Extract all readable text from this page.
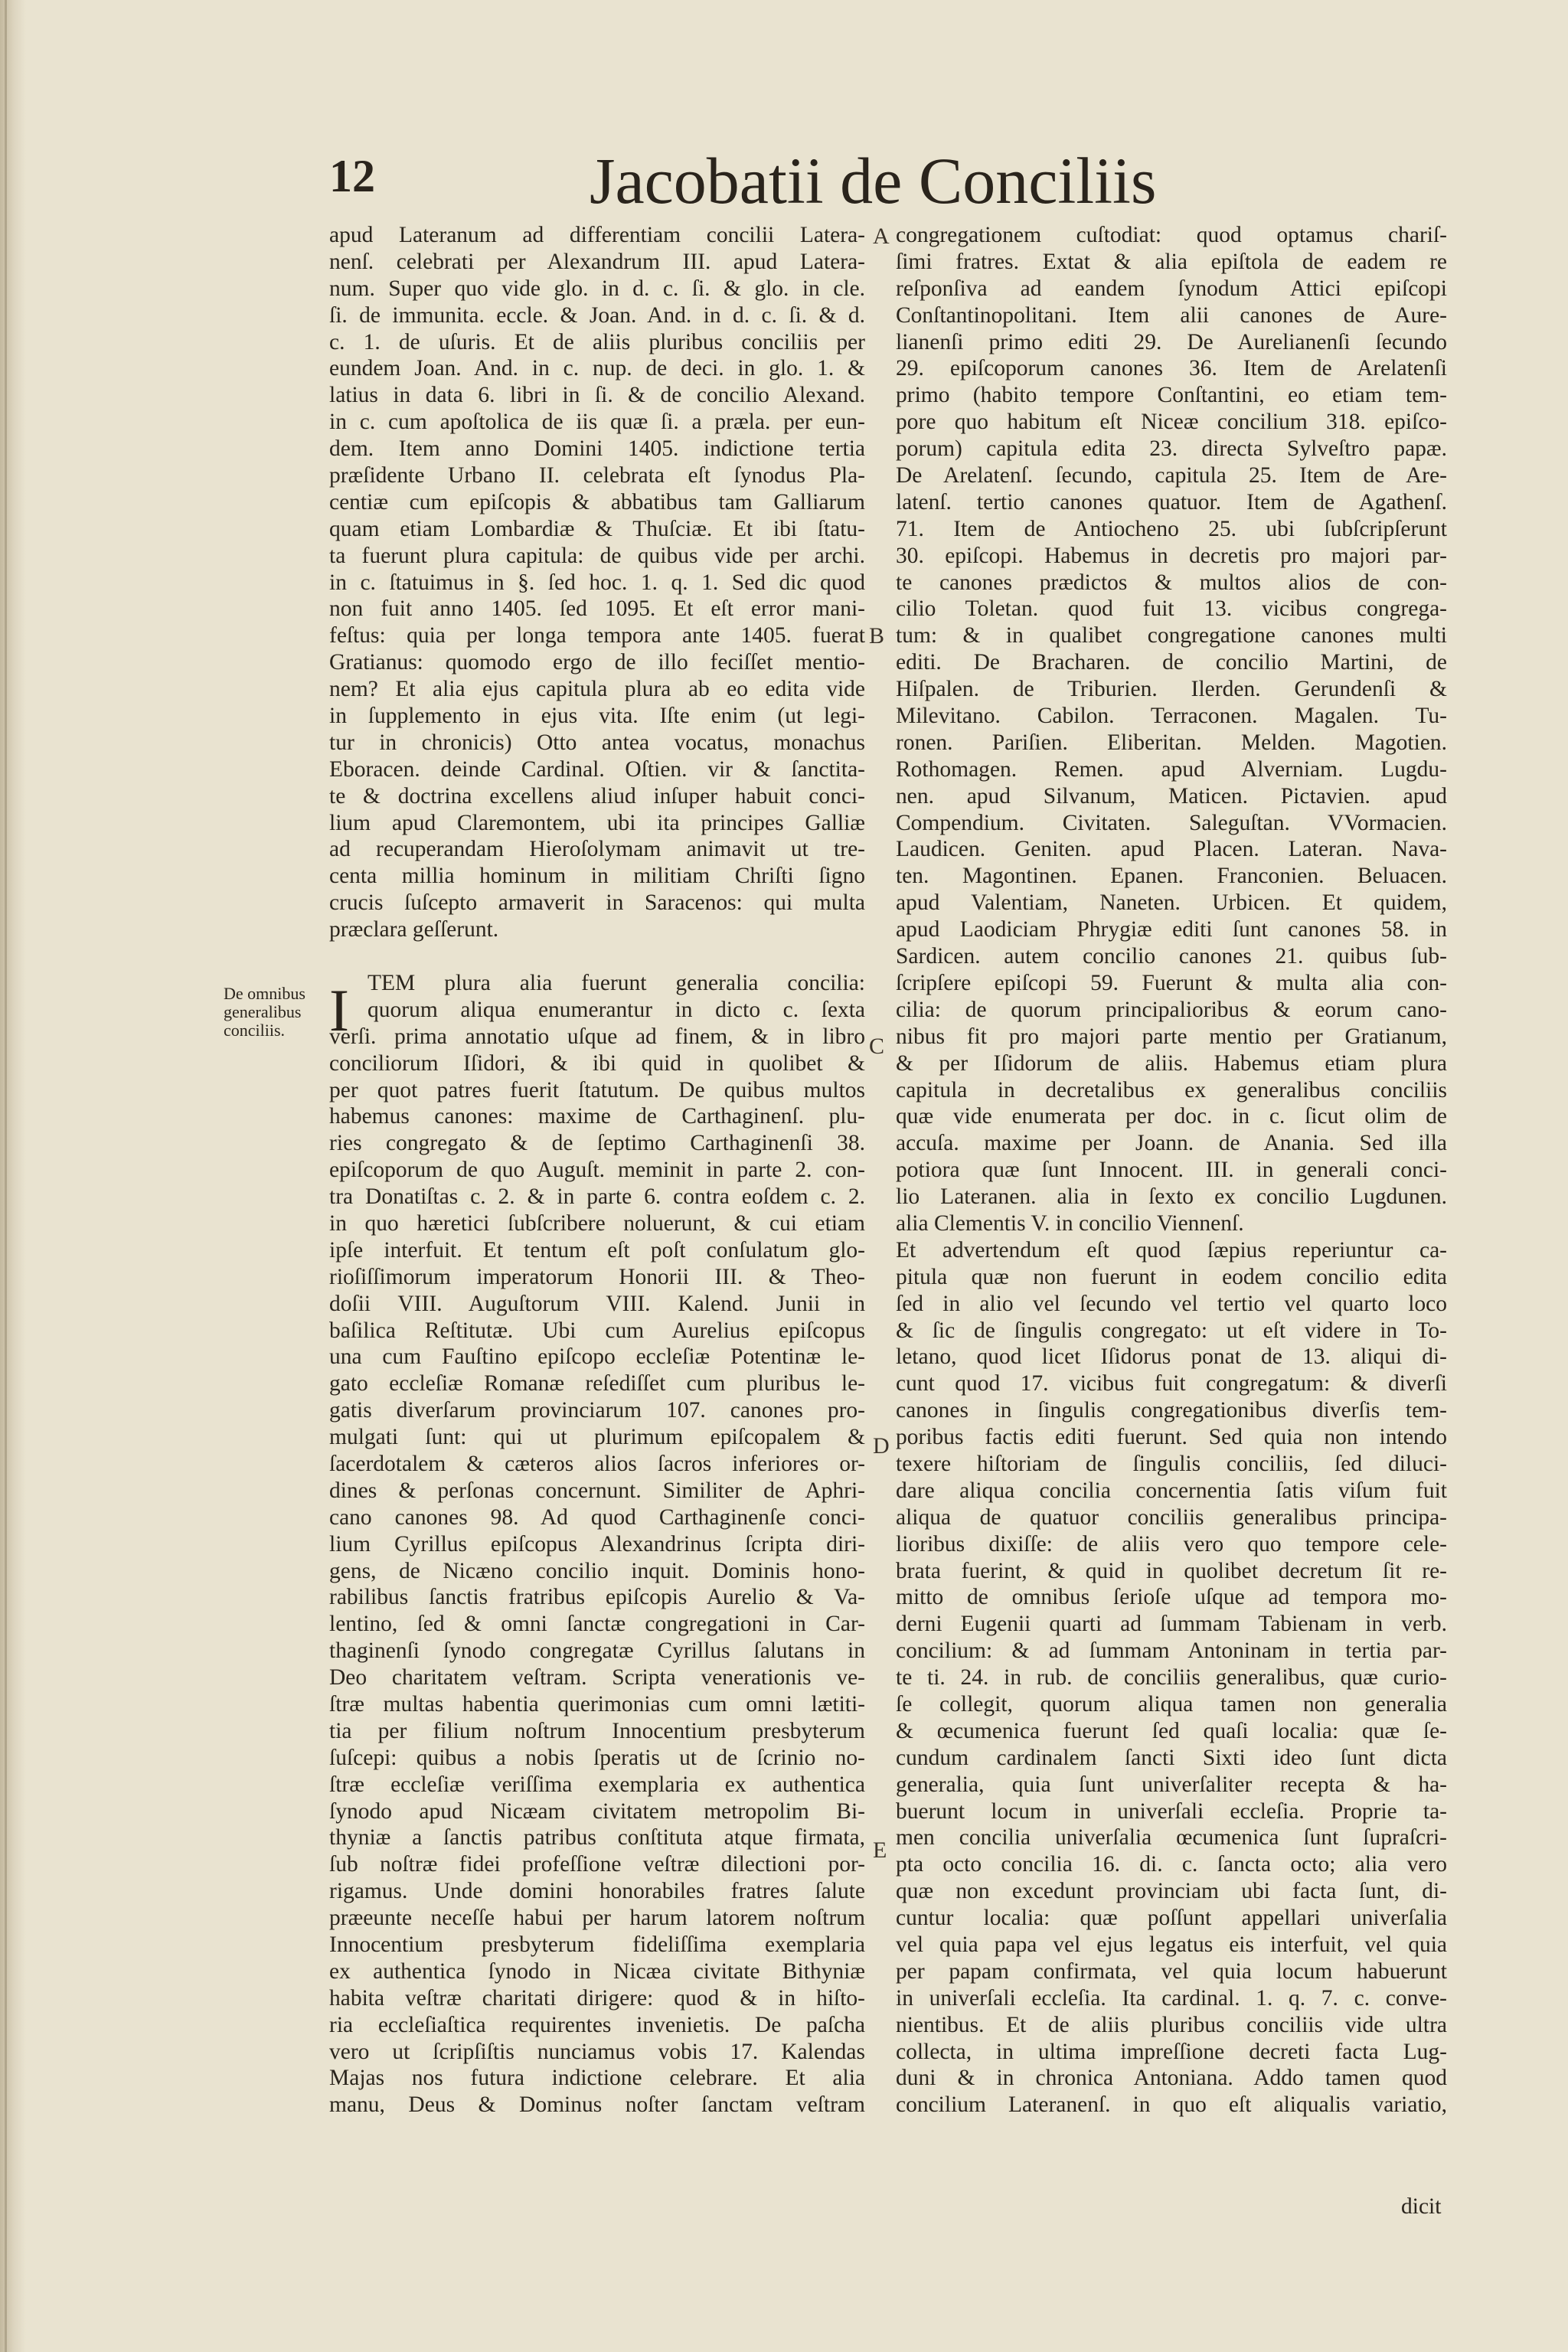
12	Jacobatii de Conciliis
De omnibus
generalibus
conciliis.
A
B
C
D
E
apud Lateranum ad differentiam concilii Latera-
nenſ. celebrati per Alexandrum III. apud Latera-
num. Super quo vide glo. in d. c. ſi. & glo. in cle.
ſi. de immunita. eccle. & Joan. And. in d. c. ſi. & d.
c. 1. de uſuris. Et de aliis pluribus conciliis per
eundem Joan. And. in c. nup. de deci. in glo. 1. &
latius in data 6. libri in ſi. & de concilio Alexand.
in c. cum apoſtolica de iis quæ ſi. a præla. per eun-
dem. Item anno Domini 1405. indictione tertia
præſidente Urbano II. celebrata eſt ſynodus Pla-
centiæ cum epiſcopis & abbatibus tam Galliarum
quam etiam Lombardiæ & Thuſciæ. Et ibi ſtatu-
ta fuerunt plura capitula: de quibus vide per archi.
in c. ſtatuimus in §. ſed hoc. 1. q. 1. Sed dic quod
non fuit anno 1405. ſed 1095. Et eſt error mani-
feſtus: quia per longa tempora ante 1405. fuerat
Gratianus: quomodo ergo de illo feciſſet mentio-
nem? Et alia ejus capitula plura ab eo edita vide
in ſupplemento in ejus vita. Iſte enim (ut legi-
tur in chronicis) Otto antea vocatus, monachus
Eboracen. deinde Cardinal. Oſtien. vir & ſanctita-
te & doctrina excellens aliud inſuper habuit conci-
lium apud Claremontem, ubi ita principes Galliæ
ad recuperandam Hieroſolymam animavit ut tre-
centa millia hominum in militiam Chriſti ſigno
crucis ſuſcepto armaverit in Saracenos: qui multa
præclara geſſerunt.
TEM plura alia fuerunt generalia concilia:
quorum aliqua enumerantur in dicto c. ſexta
verſi. prima annotatio uſque ad finem, & in libro
conciliorum Iſidori, & ibi quid in quolibet &
per quot patres fuerit ſtatutum. De quibus multos
habemus canones: maxime de Carthaginenſ. plu-
ries congregato & de ſeptimo Carthaginenſi 38.
epiſcoporum de quo Auguſt. meminit in parte 2. con-
tra Donatiſtas c. 2. & in parte 6. contra eoſdem c. 2.
in quo hæretici ſubſcribere noluerunt, & cui etiam
ipſe interfuit. Et tentum eſt poſt conſulatum glo-
rioſiſſimorum imperatorum Honorii III. & Theo-
doſii VIII. Auguſtorum VIII. Kalend. Junii in
baſilica Reſtitutæ. Ubi cum Aurelius epiſcopus
una cum Fauſtino epiſcopo eccleſiæ Potentinæ le-
gato eccleſiæ Romanæ reſediſſet cum pluribus le-
gatis diverſarum provinciarum 107. canones pro-
mulgati ſunt: qui ut plurimum epiſcopalem &
ſacerdotalem & cæteros alios ſacros inferiores or-
dines & perſonas concernunt. Similiter de Aphri-
cano canones 98. Ad quod Carthaginenſe conci-
lium Cyrillus epiſcopus Alexandrinus ſcripta diri-
gens, de Nicæno concilio inquit. Dominis hono-
rabilibus ſanctis fratribus epiſcopis Aurelio & Va-
lentino, ſed & omni ſanctæ congregationi in Car-
thaginenſi ſynodo congregatæ Cyrillus ſalutans in
Deo charitatem veſtram. Scripta venerationis ve-
ſtræ multas habentia querimonias cum omni lætiti-
tia per filium noſtrum Innocentium presbyterum
ſuſcepi: quibus a nobis ſperatis ut de ſcrinio no-
ſtræ eccleſiæ veriſſima exemplaria ex authentica
ſynodo apud Nicæam civitatem metropolim Bi-
thyniæ a ſanctis patribus conſtituta atque firmata,
ſub noſtræ fidei profeſſione veſtræ dilectioni por-
rigamus. Unde domini honorabiles fratres ſalute
præeunte neceſſe habui per harum latorem noſtrum
Innocentium presbyterum fideliſſima exemplaria
ex authentica ſynodo in Nicæa civitate Bithyniæ
habita veſtræ charitati dirigere: quod & in hiſto-
ria eccleſiaſtica requirentes invenietis. De paſcha
vero ut ſcripſiſtis nunciamus vobis 17. Kalendas
Majas nos futura indictione celebrare. Et alia
manu, Deus & Dominus noſter ſanctam veſtram
congregationem cuſtodiat: quod optamus chariſ-
ſimi fratres. Extat & alia epiſtola de eadem re
reſponſiva ad eandem ſynodum Attici epiſcopi
Conſtantinopolitani. Item alii canones de Aure-
lianenſi primo editi 29. De Aurelianenſi ſecundo
29. epiſcoporum canones 36. Item de Arelatenſi
primo (habito tempore Conſtantini, eo etiam tem-
pore quo habitum eſt Niceæ concilium 318. epiſco-
porum) capitula edita 23. directa Sylveſtro papæ.
De Arelatenſ. ſecundo, capitula 25. Item de Are-
latenſ. tertio canones quatuor. Item de Agathenſ.
71. Item de Antiocheno 25. ubi ſubſcripſerunt
30. epiſcopi. Habemus in decretis pro majori par-
te canones prædictos & multos alios de con-
cilio Toletan. quod fuit 13. vicibus congrega-
tum: & in qualibet congregatione canones multi
editi. De Bracharen. de concilio Martini, de
Hiſpalen. de Triburien. Ilerden. Gerundenſi &
Milevitano. Cabilon. Terraconen. Magalen. Tu-
ronen. Pariſien. Eliberitan. Melden. Magotien.
Rothomagen. Remen. apud Alverniam. Lugdu-
nen. apud Silvanum, Maticen. Pictavien. apud
Compendium. Civitaten. Saleguſtan. VVormacien.
Laudicen. Geniten. apud Placen. Lateran. Nava-
ten. Magontinen. Epanen. Franconien. Beluacen.
apud Valentiam, Naneten. Urbicen. Et quidem,
apud Laodiciam Phrygiæ editi ſunt canones 58. in
Sardicen. autem concilio canones 21. quibus ſub-
ſcripſere epiſcopi 59. Fuerunt & multa alia con-
cilia: de quorum principalioribus & eorum cano-
nibus fit pro majori parte mentio per Gratianum,
& per Iſidorum de aliis. Habemus etiam plura
capitula in decretalibus ex generalibus conciliis
quæ vide enumerata per doc. in c. ſicut olim de
accuſa. maxime per Joann. de Anania. Sed illa
potiora quæ ſunt Innocent. III. in generali conci-
lio Lateranen. alia in ſexto ex concilio Lugdunen.
alia Clementis V. in concilio Viennenſ.
Et advertendum eſt quod ſæpius reperiuntur ca-
pitula quæ non fuerunt in eodem concilio edita
ſed in alio vel ſecundo vel tertio vel quarto loco
& ſic de ſingulis congregato: ut eſt videre in To-
letano, quod licet Iſidorus ponat de 13. aliqui di-
cunt quod 17. vicibus fuit congregatum: & diverſi
canones in ſingulis congregationibus diverſis tem-
poribus factis editi fuerunt. Sed quia non intendo
texere hiſtoriam de ſingulis conciliis, ſed diluci-
dare aliqua concilia concernentia ſatis viſum fuit
aliqua de quatuor conciliis generalibus principa-
lioribus dixiſſe: de aliis vero quo tempore cele-
brata fuerint, & quid in quolibet decretum ſit re-
mitto de omnibus ſerioſe uſque ad tempora mo-
derni Eugenii quarti ad ſummam Tabienam in verb.
concilium: & ad ſummam Antoninam in tertia par-
te ti. 24. in rub. de conciliis generalibus, quæ curio-
ſe collegit, quorum aliqua tamen non generalia
& œcumenica fuerunt ſed quaſi localia: quæ ſe-
cundum cardinalem ſancti Sixti ideo ſunt dicta
generalia, quia ſunt univerſaliter recepta & ha-
buerunt locum in univerſali eccleſia. Proprie ta-
men concilia univerſalia œcumenica ſunt ſupraſcri-
pta octo concilia 16. di. c. ſancta octo; alia vero
quæ non excedunt provinciam ubi facta ſunt, di-
cuntur localia: quæ poſſunt appellari univerſalia
vel quia papa vel ejus legatus eis interfuit, vel quia
per papam confirmata, vel quia locum habuerunt
in univerſali eccleſia. Ita cardinal. 1. q. 7. c. conve-
nientibus. Et de aliis pluribus conciliis vide ultra
collecta, in ultima impreſſione decreti facta Lug-
duni & in chronica Antoniana. Addo tamen quod
concilium Lateranenſ. in quo eſt aliqualis variatio,
dicit
I
